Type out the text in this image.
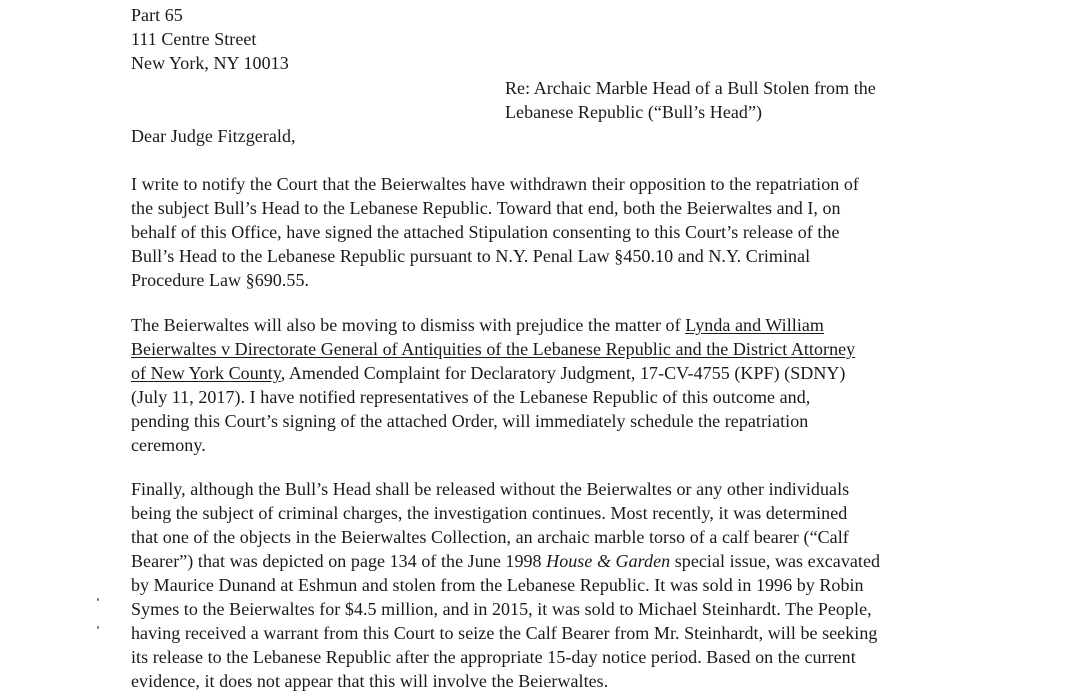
Part 65
111 Centre Street
New York, NY 10013
Re: Archaic Marble Head of a Bull Stolen from the
Lebanese Republic (“Bull’s Head”)
Dear Judge Fitzgerald,
I write to notify the Court that the Beierwaltes have withdrawn their opposition to the repatriation of
the subject Bull’s Head to the Lebanese Republic. Toward that end, both the Beierwaltes and I, on
behalf of this Office, have signed the attached Stipulation consenting to this Court’s release of the
Bull’s Head to the Lebanese Republic pursuant to N.Y. Penal Law §450.10 and N.Y. Criminal
Procedure Law §690.55.
The Beierwaltes will also be moving to dismiss with prejudice the matter of Lynda and William
Beierwaltes v Directorate General of Antiquities of the Lebanese Republic and the District Attorney
of New York County, Amended Complaint for Declaratory Judgment, 17-CV-4755 (KPF) (SDNY)
(July 11, 2017). I have notified representatives of the Lebanese Republic of this outcome and,
pending this Court’s signing of the attached Order, will immediately schedule the repatriation
ceremony.
Finally, although the Bull’s Head shall be released without the Beierwaltes or any other individuals
being the subject of criminal charges, the investigation continues. Most recently, it was determined
that one of the objects in the Beierwaltes Collection, an archaic marble torso of a calf bearer (“Calf
Bearer”) that was depicted on page 134 of the June 1998 House & Garden special issue, was excavated
by Maurice Dunand at Eshmun and stolen from the Lebanese Republic. It was sold in 1996 by Robin
Symes to the Beierwaltes for $4.5 million, and in 2015, it was sold to Michael Steinhardt. The People,
having received a warrant from this Court to seize the Calf Bearer from Mr. Steinhardt, will be seeking
its release to the Lebanese Republic after the appropriate 15-day notice period. Based on the current
evidence, it does not appear that this will involve the Beierwaltes.
